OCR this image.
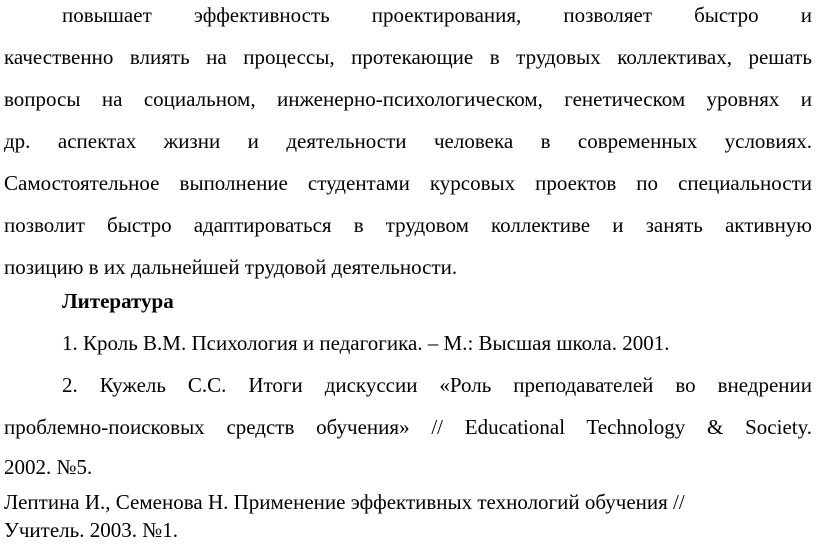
повышает эффективность проектирования, позволяет быстро и
качественно влиять на процессы, протекающие в трудовых коллективах, решать
вопросы на социальном, инженерно-психологическом, генетическом уровнях и
др. аспектах жизни и деятельности человека в современных условиях.
Самостоятельное выполнение студентами курсовых проектов по специальности
позволит быстро адаптироваться в трудовом коллективе и занять активную
позицию в их дальнейшей трудовой деятельности.
Литература
1. Кроль В.М. Психология и педагогика. – М.: Высшая школа. 2001.
2. Кужель С.С. Итоги дискуссии «Роль преподавателей во внедрении
проблемно-поисковых средств обучения» // Educational Technology & Society.
2002. №5.
Лептина И., Семенова Н. Применение эффективных технологий обучения //
Учитель. 2003. №1.
